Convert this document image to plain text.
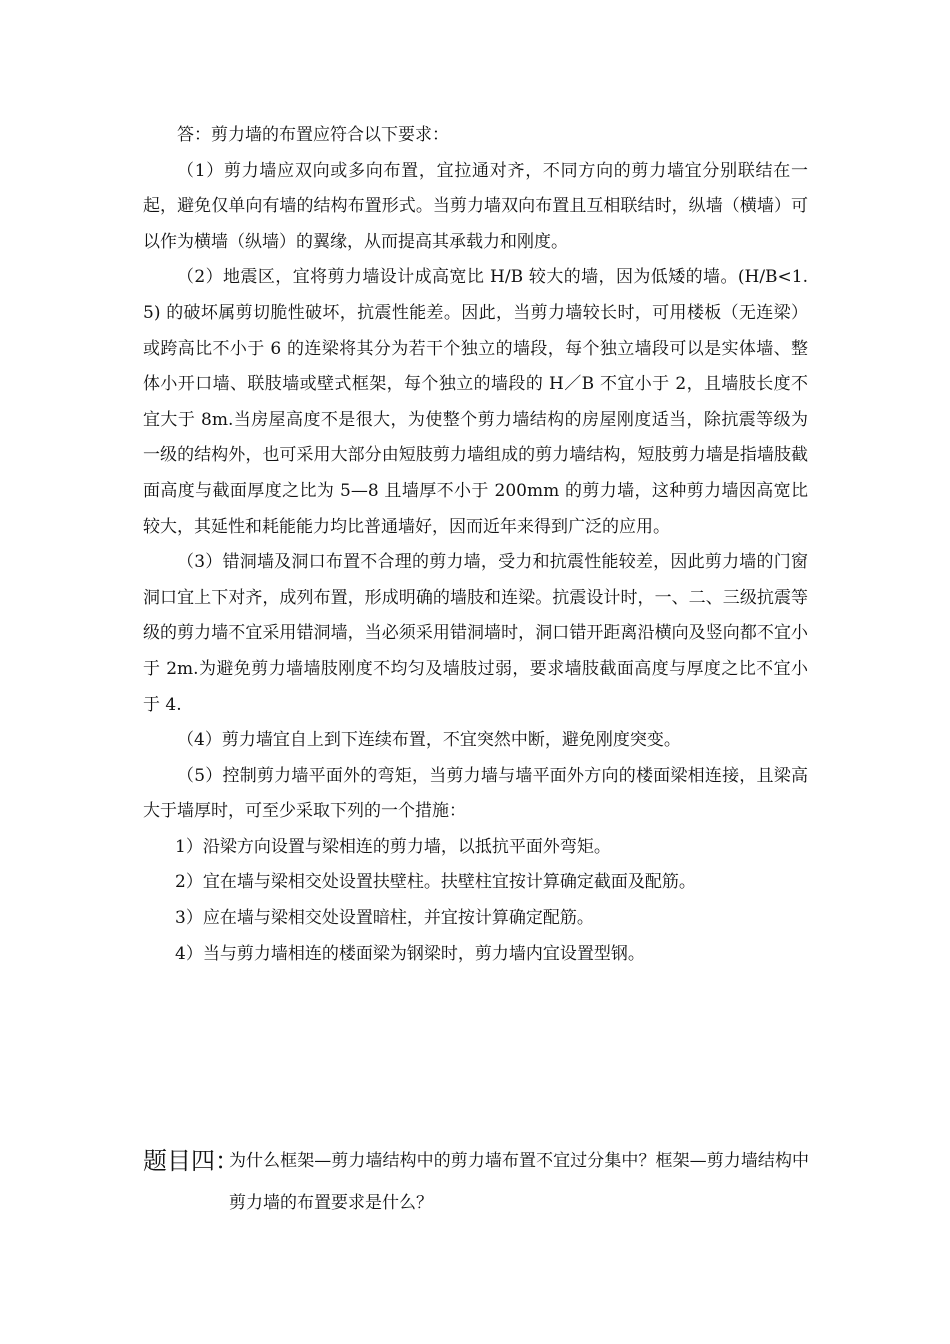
答：剪力墙的布置应符合以下要求：

（1）剪力墙应双向或多向布置，宜拉通对齐，不同方向的剪力墙宜分别联结在一起，避免仅单向有墙的结构布置形式。当剪力墙双向布置且互相联结时，纵墙（横墙）可以作为横墙（纵墙）的翼缘，从而提高其承载力和刚度。

（2）地震区，宜将剪力墙设计成高宽比 H/B 较大的墙，因为低矮的墙。(H/B<1.5) 的破坏属剪切脆性破坏，抗震性能差。因此，当剪力墙较长时，可用楼板（无连梁）或跨高比不小于 6 的连梁将其分为若干个独立的墙段，每个独立墙段可以是实体墙、整体小开口墙、联肢墙或壁式框架，每个独立的墙段的 H／B 不宜小于 2，且墙肢长度不宜大于 8m.当房屋高度不是很大，为使整个剪力墙结构的房屋刚度适当，除抗震等级为一级的结构外，也可采用大部分由短肢剪力墙组成的剪力墙结构，短肢剪力墙是指墙肢截面高度与截面厚度之比为 5—8 且墙厚不小于 200mm 的剪力墙，这种剪力墙因高宽比较大，其延性和耗能能力均比普通墙好，因而近年来得到广泛的应用。

（3）错洞墙及洞口布置不合理的剪力墙，受力和抗震性能较差，因此剪力墙的门窗洞口宜上下对齐，成列布置，形成明确的墙肢和连梁。抗震设计时，一、二、三级抗震等级的剪力墙不宜采用错洞墙，当必须采用错洞墙时，洞口错开距离沿横向及竖向都不宜小于 2m.为避免剪力墙墙肢刚度不均匀及墙肢过弱，要求墙肢截面高度与厚度之比不宜小于 4.

（4）剪力墙宜自上到下连续布置，不宜突然中断，避免刚度突变。

（5）控制剪力墙平面外的弯矩，当剪力墙与墙平面外方向的楼面梁相连接，且梁高大于墙厚时，可至少采取下列的一个措施：

1）沿梁方向设置与梁相连的剪力墙，以抵抗平面外弯矩。

2）宜在墙与梁相交处设置扶壁柱。扶壁柱宜按计算确定截面及配筋。

3）应在墙与梁相交处设置暗柱，并宜按计算确定配筋。

4）当与剪力墙相连的楼面梁为钢梁时，剪力墙内宜设置型钢。

题目四：
为什么框架—剪力墙结构中的剪力墙布置不宜过分集中？框架—剪力墙结构中剪力墙的布置要求是什么？
